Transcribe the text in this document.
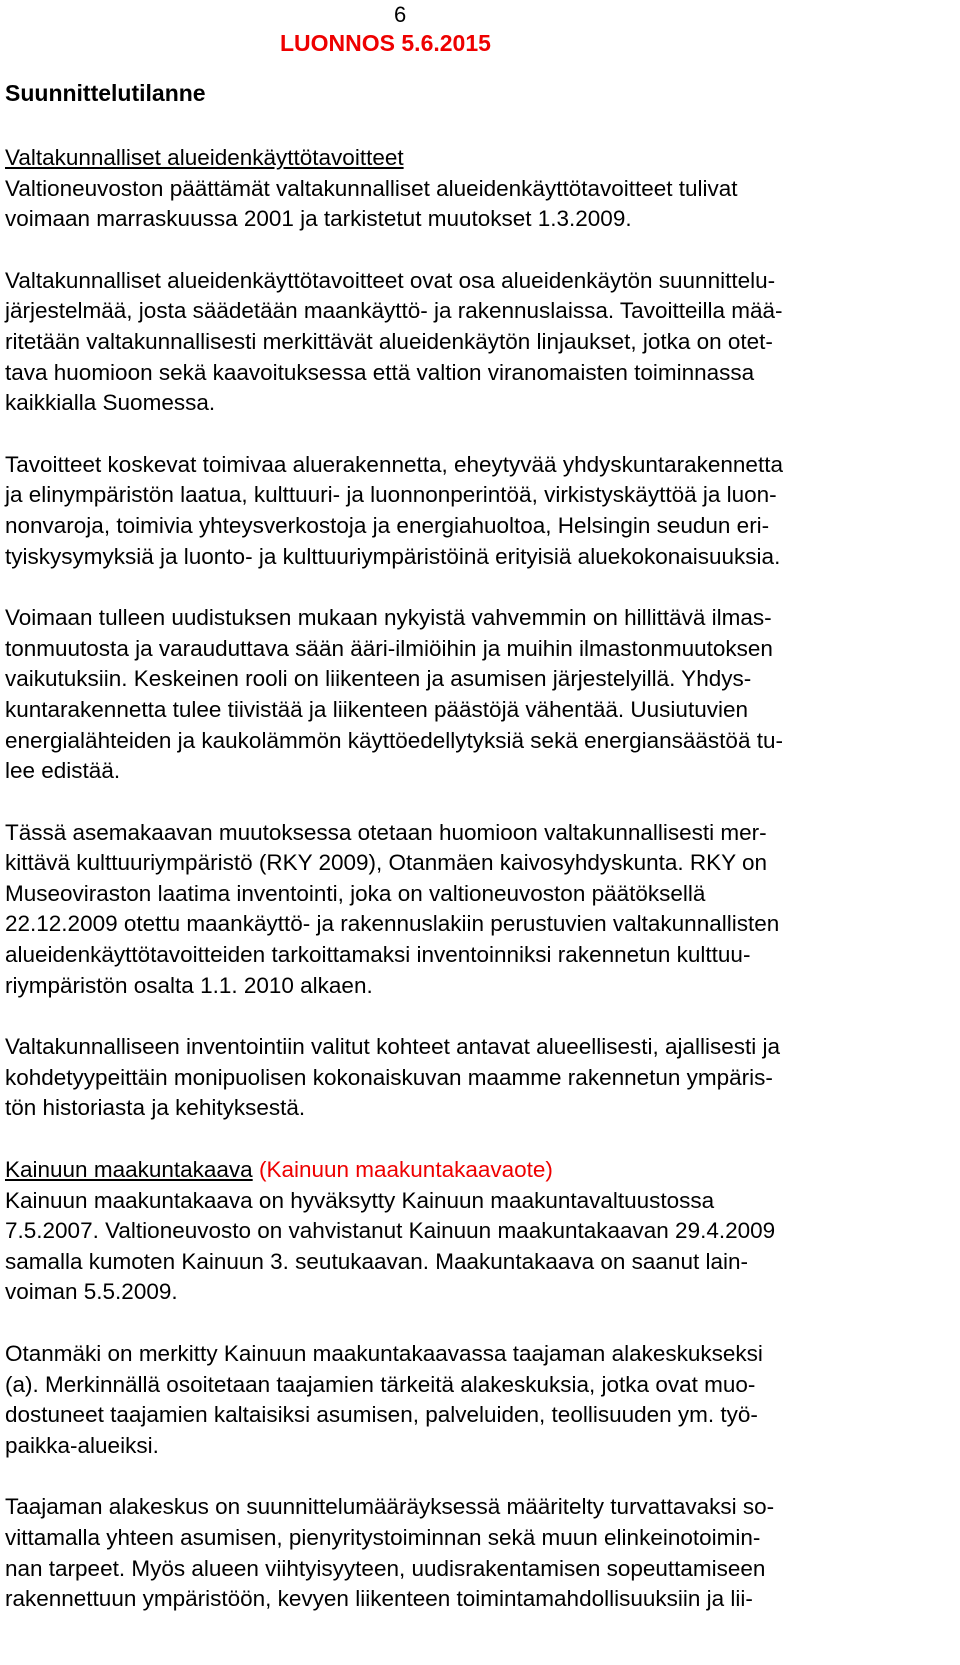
6
LUONNOS 5.6.2015
Suunnittelutilanne
Valtakunnalliset alueidenkäyttötavoitteet
Valtioneuvoston päättämät valtakunnalliset alueidenkäyttötavoitteet tulivat
voimaan marraskuussa 2001 ja tarkistetut muutokset 1.3.2009.
Valtakunnalliset alueidenkäyttötavoitteet ovat osa alueidenkäytön suunnittelu-
järjestelmää, josta säädetään maankäyttö- ja rakennuslaissa. Tavoitteilla mää-
ritetään valtakunnallisesti merkittävät alueidenkäytön linjaukset, jotka on otet-
tava huomioon sekä kaavoituksessa että valtion viranomaisten toiminnassa
kaikkialla Suomessa.
Tavoitteet koskevat toimivaa aluerakennetta, eheytyvää yhdyskuntarakennetta
ja elinympäristön laatua, kulttuuri- ja luonnonperintöä, virkistyskäyttöä ja luon-
nonvaroja, toimivia yhteysverkostoja ja energiahuoltoa, Helsingin seudun eri-
tyiskysymyksiä ja luonto- ja kulttuuriympäristöinä erityisiä aluekokonaisuuksia.
Voimaan tulleen uudistuksen mukaan nykyistä vahvemmin on hillittävä ilmas-
tonmuutosta ja varauduttava sään ääri-ilmiöihin ja muihin ilmastonmuutoksen
vaikutuksiin. Keskeinen rooli on liikenteen ja asumisen järjestelyillä. Yhdys-
kuntarakennetta tulee tiivistää ja liikenteen päästöjä vähentää. Uusiutuvien
energialähteiden ja kaukolämmön käyttöedellytyksiä sekä energiansäästöä tu-
lee edistää.
Tässä asemakaavan muutoksessa otetaan huomioon valtakunnallisesti mer-
kittävä kulttuuriympäristö (RKY 2009), Otanmäen kaivosyhdyskunta. RKY on
Museoviraston laatima inventointi, joka on valtioneuvoston päätöksellä
22.12.2009 otettu maankäyttö- ja rakennuslakiin perustuvien valtakunnallisten
alueidenkäyttötavoitteiden tarkoittamaksi inventoinniksi rakennetun kulttuu-
riympäristön osalta 1.1. 2010 alkaen.
Valtakunnalliseen inventointiin valitut kohteet antavat alueellisesti, ajallisesti ja
kohdetyypeittäin monipuolisen kokonaiskuvan maamme rakennetun ympäris-
tön historiasta ja kehityksestä.
Kainuun maakuntakaava (Kainuun maakuntakaavaote)
Kainuun maakuntakaava on hyväksytty Kainuun maakuntavaltuustossa
7.5.2007. Valtioneuvosto on vahvistanut Kainuun maakuntakaavan 29.4.2009
samalla kumoten Kainuun 3. seutukaavan. Maakuntakaava on saanut lain-
voiman 5.5.2009.
Otanmäki on merkitty Kainuun maakuntakaavassa taajaman alakeskukseksi
(a). Merkinnällä osoitetaan taajamien tärkeitä alakeskuksia, jotka ovat muo-
dostuneet taajamien kaltaisiksi asumisen, palveluiden, teollisuuden ym. työ-
paikka-alueiksi.
Taajaman alakeskus on suunnittelumääräyksessä määritelty turvattavaksi so-
vittamalla yhteen asumisen, pienyritystoiminnan sekä muun elinkeinotoimin-
nan tarpeet. Myös alueen viihtyisyyteen, uudisrakentamisen sopeuttamiseen
rakennettuun ympäristöön, kevyen liikenteen toimintamahdollisuuksiin ja lii-
